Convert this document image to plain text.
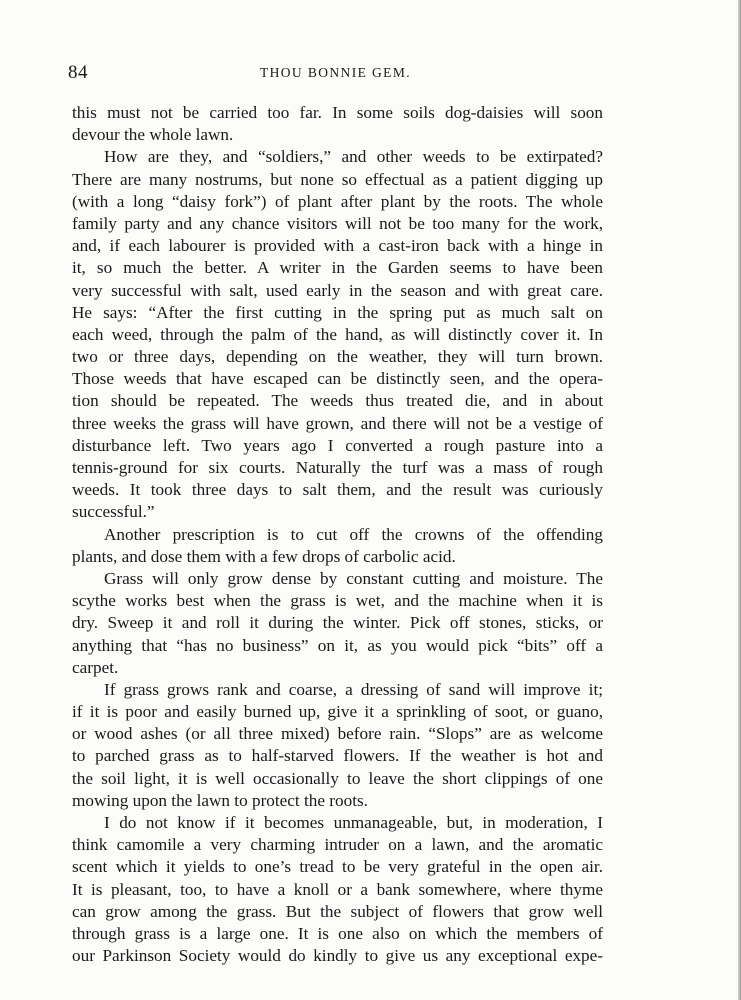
84	THOU BONNIE GEM.
this must not be carried too far. In some soils dog-daisies will soon
devour the whole lawn.
How are they, and “soldiers,” and other weeds to be extirpated?
There are many nostrums, but none so effectual as a patient digging up
(with a long “daisy fork”) of plant after plant by the roots. The whole
family party and any chance visitors will not be too many for the work,
and, if each labourer is provided with a cast-iron back with a hinge in
it, so much the better. A writer in the Garden seems to have been
very successful with salt, used early in the season and with great care.
He says: “After the first cutting in the spring put as much salt on
each weed, through the palm of the hand, as will distinctly cover it. In
two or three days, depending on the weather, they will turn brown.
Those weeds that have escaped can be distinctly seen, and the opera-
tion should be repeated. The weeds thus treated die, and in about
three weeks the grass will have grown, and there will not be a vestige of
disturbance left. Two years ago I converted a rough pasture into a
tennis-ground for six courts. Naturally the turf was a mass of rough
weeds. It took three days to salt them, and the result was curiously
successful.”
Another prescription is to cut off the crowns of the offending
plants, and dose them with a few drops of carbolic acid.
Grass will only grow dense by constant cutting and moisture. The
scythe works best when the grass is wet, and the machine when it is
dry. Sweep it and roll it during the winter. Pick off stones, sticks, or
anything that “has no business” on it, as you would pick “bits” off a
carpet.
If grass grows rank and coarse, a dressing of sand will improve it;
if it is poor and easily burned up, give it a sprinkling of soot, or guano,
or wood ashes (or all three mixed) before rain. “Slops” are as welcome
to parched grass as to half-starved flowers. If the weather is hot and
the soil light, it is well occasionally to leave the short clippings of one
mowing upon the lawn to protect the roots.
I do not know if it becomes unmanageable, but, in moderation, I
think camomile a very charming intruder on a lawn, and the aromatic
scent which it yields to one’s tread to be very grateful in the open air.
It is pleasant, too, to have a knoll or a bank somewhere, where thyme
can grow among the grass. But the subject of flowers that grow well
through grass is a large one. It is one also on which the members of
our Parkinson Society would do kindly to give us any exceptional expe-
